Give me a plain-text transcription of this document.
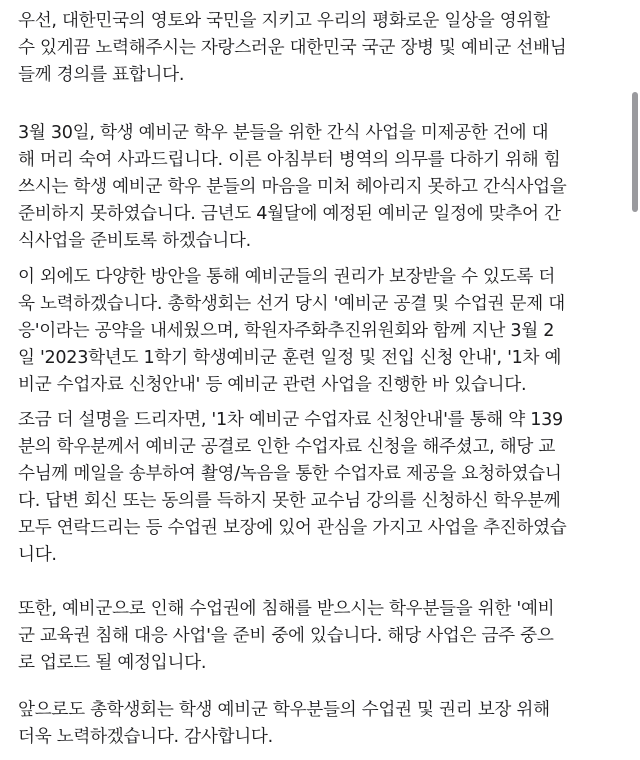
우선, 대한민국의 영토와 국민을 지키고 우리의 평화로운 일상을 영위할
수 있게끔 노력해주시는 자랑스러운 대한민국 국군 장병 및 예비군 선배님
들께 경의를 표합니다.
3월 30일, 학생 예비군 학우 분들을 위한 간식 사업을 미제공한 건에 대
해 머리 숙여 사과드립니다. 이른 아침부터 병역의 의무를 다하기 위해 힘
쓰시는 학생 예비군 학우 분들의 마음을 미처 헤아리지 못하고 간식사업을
준비하지 못하였습니다. 금년도 4월달에 예정된 예비군 일정에 맞추어 간
식사업을 준비토록 하겠습니다.
이 외에도 다양한 방안을 통해 예비군들의 권리가 보장받을 수 있도록 더
욱 노력하겠습니다. 총학생회는 선거 당시 '예비군 공결 및 수업권 문제 대
응'이라는 공약을 내세웠으며, 학원자주화추진위원회와 함께 지난 3월 2
일 '2023학년도 1학기 학생예비군 훈련 일정 및 전입 신청 안내', '1차 예
비군 수업자료 신청안내' 등 예비군 관련 사업을 진행한 바 있습니다.
조금 더 설명을 드리자면, '1차 예비군 수업자료 신청안내'를 통해 약 139
분의 학우분께서 예비군 공결로 인한 수업자료 신청을 해주셨고, 해당 교
수님께 메일을 송부하여 촬영/녹음을 통한 수업자료 제공을 요청하였습니
다. 답변 회신 또는 동의를 득하지 못한 교수님 강의를 신청하신 학우분께
모두 연락드리는 등 수업권 보장에 있어 관심을 가지고 사업을 추진하였습
니다.
또한, 예비군으로 인해 수업권에 침해를 받으시는 학우분들을 위한 '예비
군 교육권 침해 대응 사업'을 준비 중에 있습니다. 해당 사업은 금주 중으
로 업로드 될 예정입니다.
앞으로도 총학생회는 학생 예비군 학우분들의 수업권 및 권리 보장 위해
더욱 노력하겠습니다. 감사합니다.
